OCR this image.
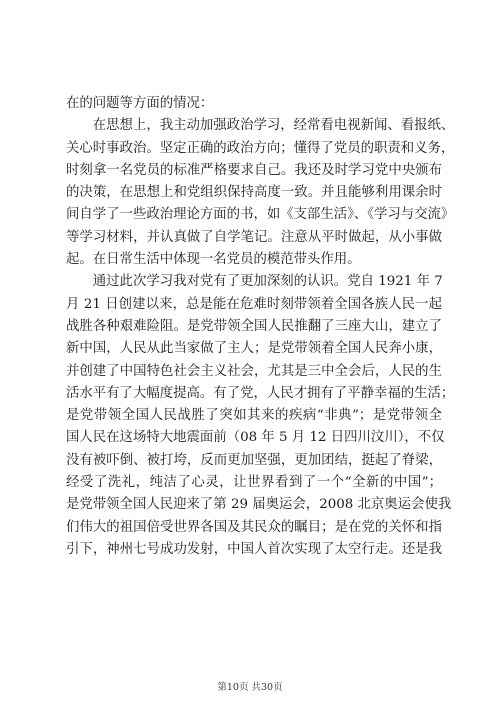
在的问题等方面的情况：
　　在思想上，我主动加强政治学习，经常看电视新闻、看报纸、
关心时事政治。坚定正确的政治方向；懂得了党员的职责和义务，
时刻拿一名党员的标准严格要求自己。我还及时学习党中央颁布
的决策，在思想上和党组织保持高度一致。并且能够利用课余时
间自学了一些政治理论方面的书，如《支部生活》、《学习与交流》
等学习材料，并认真做了自学笔记。注意从平时做起，从小事做
起。在日常生活中体现一名党员的模范带头作用。
　　通过此次学习我对党有了更加深刻的认识。党自 1921 年 7
月 21 日创建以来，总是能在危难时刻带领着全国各族人民一起
战胜各种艰难险阻。是党带领全国人民推翻了三座大山，建立了
新中国，人民从此当家做了主人；是党带领着全国人民奔小康，
并创建了中国特色社会主义社会，尤其是三中全会后，人民的生
活水平有了大幅度提高。有了党，人民才拥有了平静幸福的生活；
是党带领全国人民战胜了突如其来的疾病“非典”；是党带领全
国人民在这场特大地震面前（08 年 5 月 12 日四川汶川），不仅
没有被吓倒、被打垮，反而更加坚强，更加团结，挺起了脊梁，
经受了洗礼，纯洁了心灵，让世界看到了一个“全新的中国”；
是党带领全国人民迎来了第 29 届奥运会，2008 北京奥运会使我
们伟大的祖国倍受世界各国及其民众的瞩目；是在党的关怀和指
引下，神州七号成功发射，中国人首次实现了太空行走。还是我
第10页 共30页
